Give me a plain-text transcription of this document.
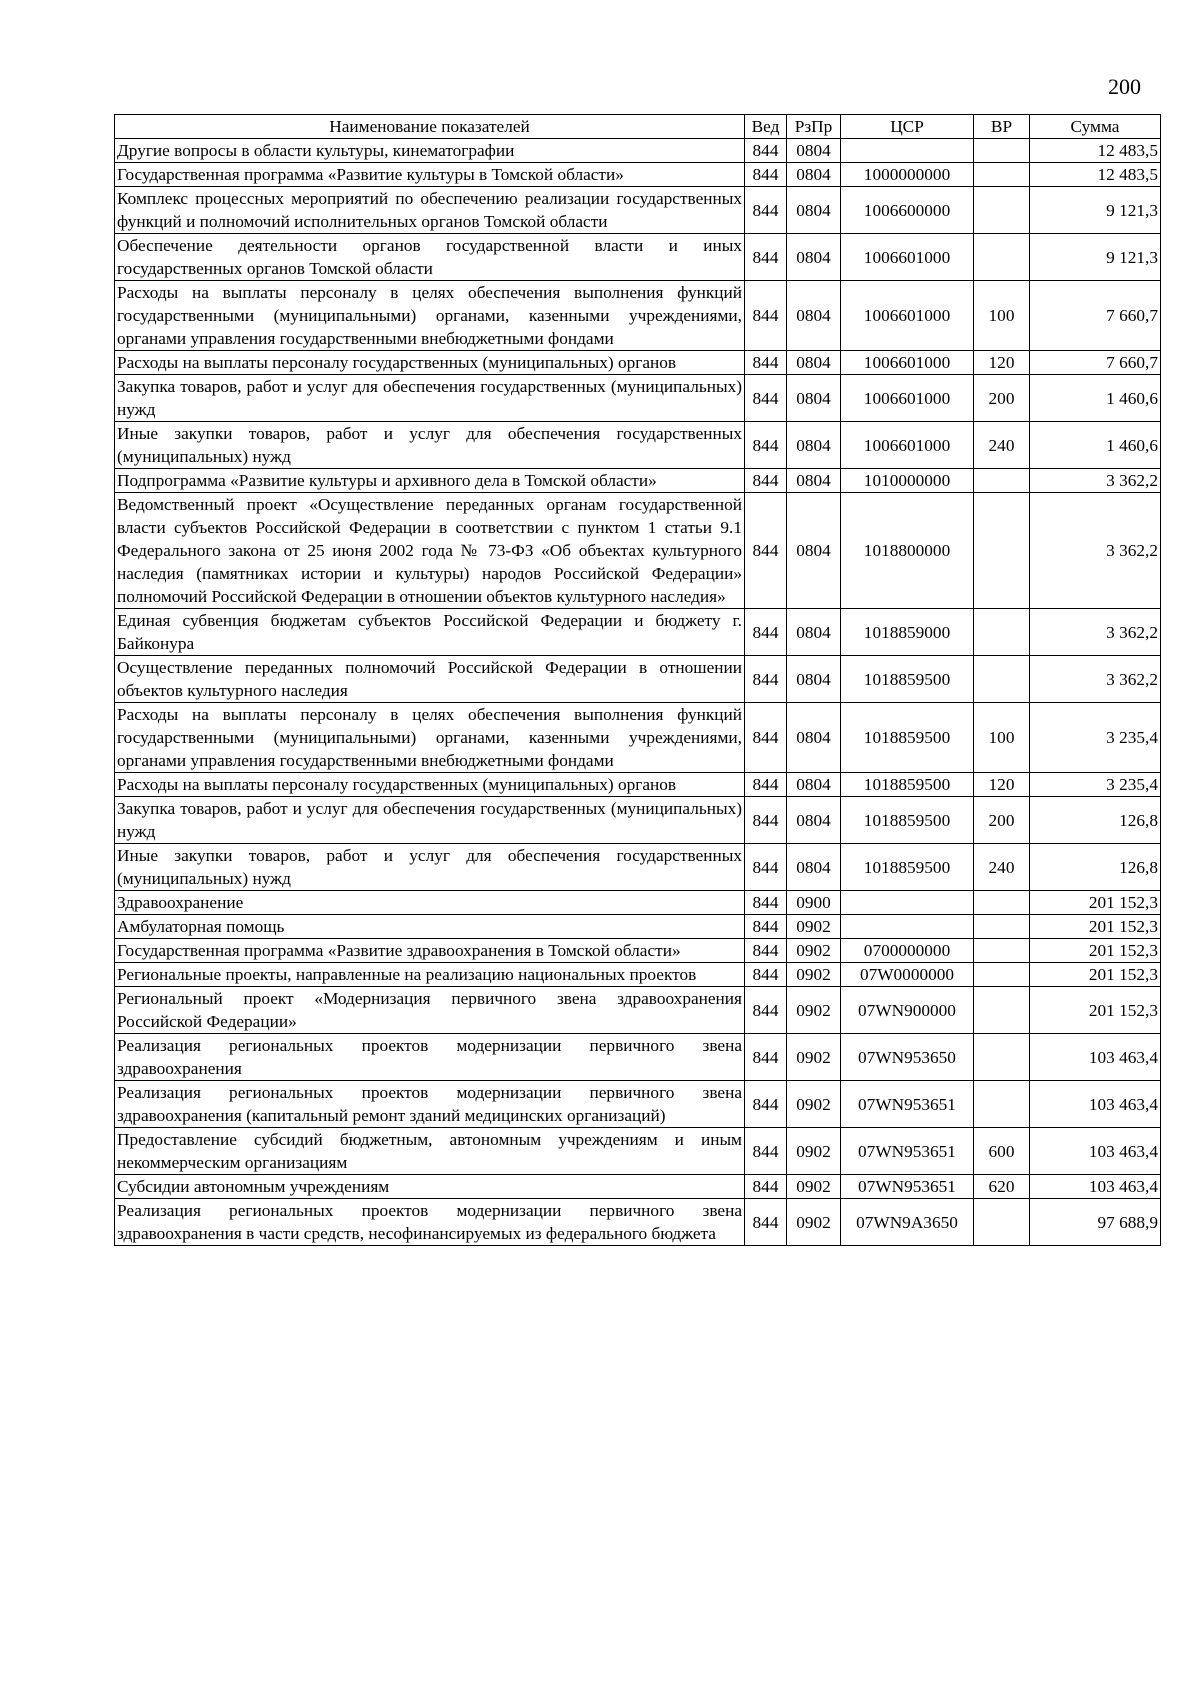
200
Наименование показателей	Вед	РзПр	ЦСР	ВР	Сумма
Другие вопросы в области культуры, кинематографии	844	0804			12 483,5
Государственная программа «Развитие культуры в Томской области»	844	0804	1000000000		12 483,5
Комплекс процессных мероприятий по обеспечению реализации государственных функций и полномочий исполнительных органов Томской области	844	0804	1006600000		9 121,3
Обеспечение деятельности органов государственной власти и иных государственных органов Томской области	844	0804	1006601000		9 121,3
Расходы на выплаты персоналу в целях обеспечения выполнения функций государственными (муниципальными) органами, казенными учреждениями, органами управления государственными внебюджетными фондами	844	0804	1006601000	100	7 660,7
Расходы на выплаты персоналу государственных (муниципальных) органов	844	0804	1006601000	120	7 660,7
Закупка товаров, работ и услуг для обеспечения государственных (муниципальных) нужд	844	0804	1006601000	200	1 460,6
Иные закупки товаров, работ и услуг для обеспечения государственных (муниципальных) нужд	844	0804	1006601000	240	1 460,6
Подпрограмма «Развитие культуры и архивного дела в Томской области»	844	0804	1010000000		3 362,2
Ведомственный проект «Осуществление переданных органам государственной власти субъектов Российской Федерации в соответствии с пунктом 1 статьи 9.1 Федерального закона от 25 июня 2002 года № 73-ФЗ «Об объектах культурного наследия (памятниках истории и культуры) народов Российской Федерации» полномочий Российской Федерации в отношении объектов культурного наследия»	844	0804	1018800000		3 362,2
Единая субвенция бюджетам субъектов Российской Федерации и бюджету г. Байконура	844	0804	1018859000		3 362,2
Осуществление переданных полномочий Российской Федерации в отношении объектов культурного наследия	844	0804	1018859500		3 362,2
Расходы на выплаты персоналу в целях обеспечения выполнения функций государственными (муниципальными) органами, казенными учреждениями, органами управления государственными внебюджетными фондами	844	0804	1018859500	100	3 235,4
Расходы на выплаты персоналу государственных (муниципальных) органов	844	0804	1018859500	120	3 235,4
Закупка товаров, работ и услуг для обеспечения государственных (муниципальных) нужд	844	0804	1018859500	200	126,8
Иные закупки товаров, работ и услуг для обеспечения государственных (муниципальных) нужд	844	0804	1018859500	240	126,8
Здравоохранение	844	0900			201 152,3
Амбулаторная помощь	844	0902			201 152,3
Государственная программа «Развитие здравоохранения в Томской области»	844	0902	0700000000		201 152,3
Региональные проекты, направленные на реализацию национальных проектов	844	0902	07W0000000		201 152,3
Региональный проект «Модернизация первичного звена здравоохранения Российской Федерации»	844	0902	07WN900000		201 152,3
Реализация региональных проектов модернизации первичного звена здравоохранения	844	0902	07WN953650		103 463,4
Реализация региональных проектов модернизации первичного звена здравоохранения (капитальный ремонт зданий медицинских организаций)	844	0902	07WN953651		103 463,4
Предоставление субсидий бюджетным, автономным учреждениям и иным некоммерческим организациям	844	0902	07WN953651	600	103 463,4
Субсидии автономным учреждениям	844	0902	07WN953651	620	103 463,4
Реализация региональных проектов модернизации первичного звена здравоохранения в части средств, несофинансируемых из федерального бюджета	844	0902	07WN9A3650		97 688,9
